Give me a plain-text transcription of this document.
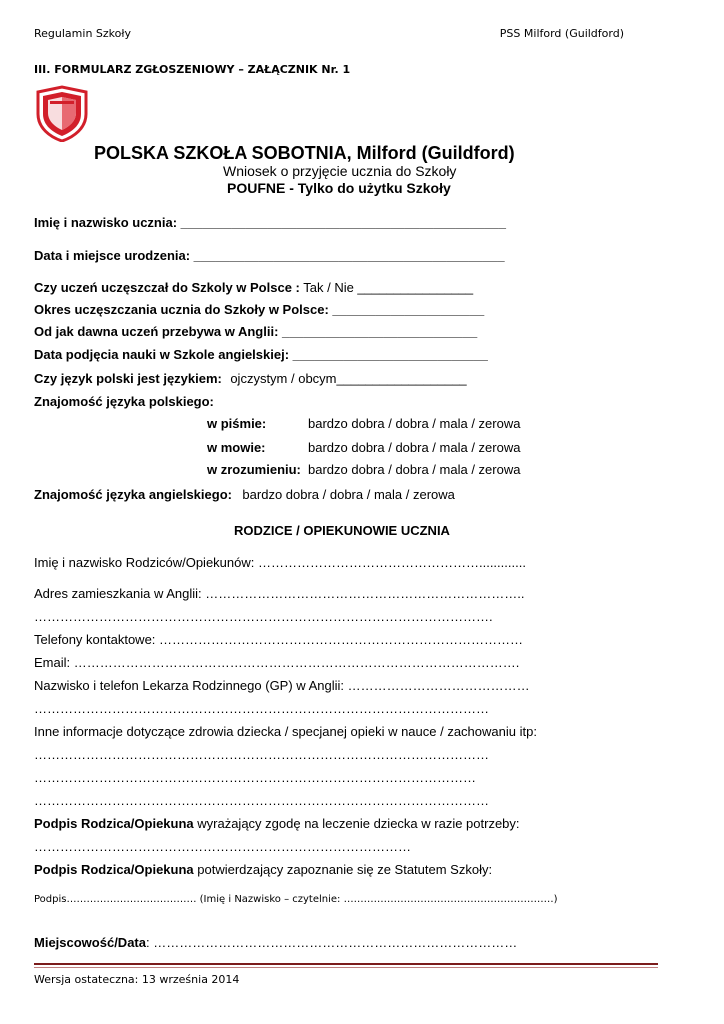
Regulamin Szkoły	PSS Milford (Guildford)
III. FORMULARZ ZGŁOSZENIOWY – ZAŁĄCZNIK Nr. 1
POLSKA SZKOŁA SOBOTNIA, Milford (Guildford)
Wniosek o przyjęcie ucznia do Szkoły
POUFNE - Tylko do użytku Szkoły
Imię i nazwisko ucznia: _____________________________________________
Data i miejsce urodzenia: ___________________________________________
Czy uczeń uczęszczał do Szkoly w Polsce : Tak / Nie ________________
Okres uczęszczania ucznia do Szkoły w Polsce: _____________________
Od jak dawna uczeń przebywa w Anglii: ___________________________
Data podjęcia nauki w Szkole angielskiej: ___________________________
Czy język polski jest językiem: ojczystym / obcym__________________
Znajomość języka polskiego:
w piśmie:	bardzo dobra / dobra / mala / zerowa
w mowie:	bardzo dobra / dobra / mala / zerowa
w zrozumieniu: bardzo dobra / dobra / mala / zerowa
Znajomość języka angielskiego: bardzo dobra / dobra / mala / zerowa
RODZICE / OPIEKUNOWIE UCZNIA
Imię i nazwisko Rodziców/Opiekunów: …………………………………………….............
Adres zamieszkania w Anglii: ………………………………………………………………..
…………………………………………………………………………………………….
Telefony kontaktowe: …………………………………………………………………………
Email: ………………………………………………………………………………………….
Nazwisko i telefon Lekarza Rodzinnego (GP) w Anglii: ……………………………………
……………………………………………………………………………………………
Inne informacje dotyczące zdrowia dziecka / specjanej opieki w nauce / zachowaniu itp:
……………………………………………………………………………………………
…………………………………………………………………………………………
……………………………………………………………………………………………
Podpis Rodzica/Opiekuna wyrażający zgodę na leczenie dziecka w razie potrzeby:
……………………………………………………………………………
Podpis Rodzica/Opiekuna potwierdzający zapoznanie się ze Statutem Szkoły:
Podpis………………………………… (Imię i Nazwisko – czytelnie: ………………………………………………………)
Miejscowość/Data: …………………………………………………………………………
Wersja ostateczna: 13 września 2014
